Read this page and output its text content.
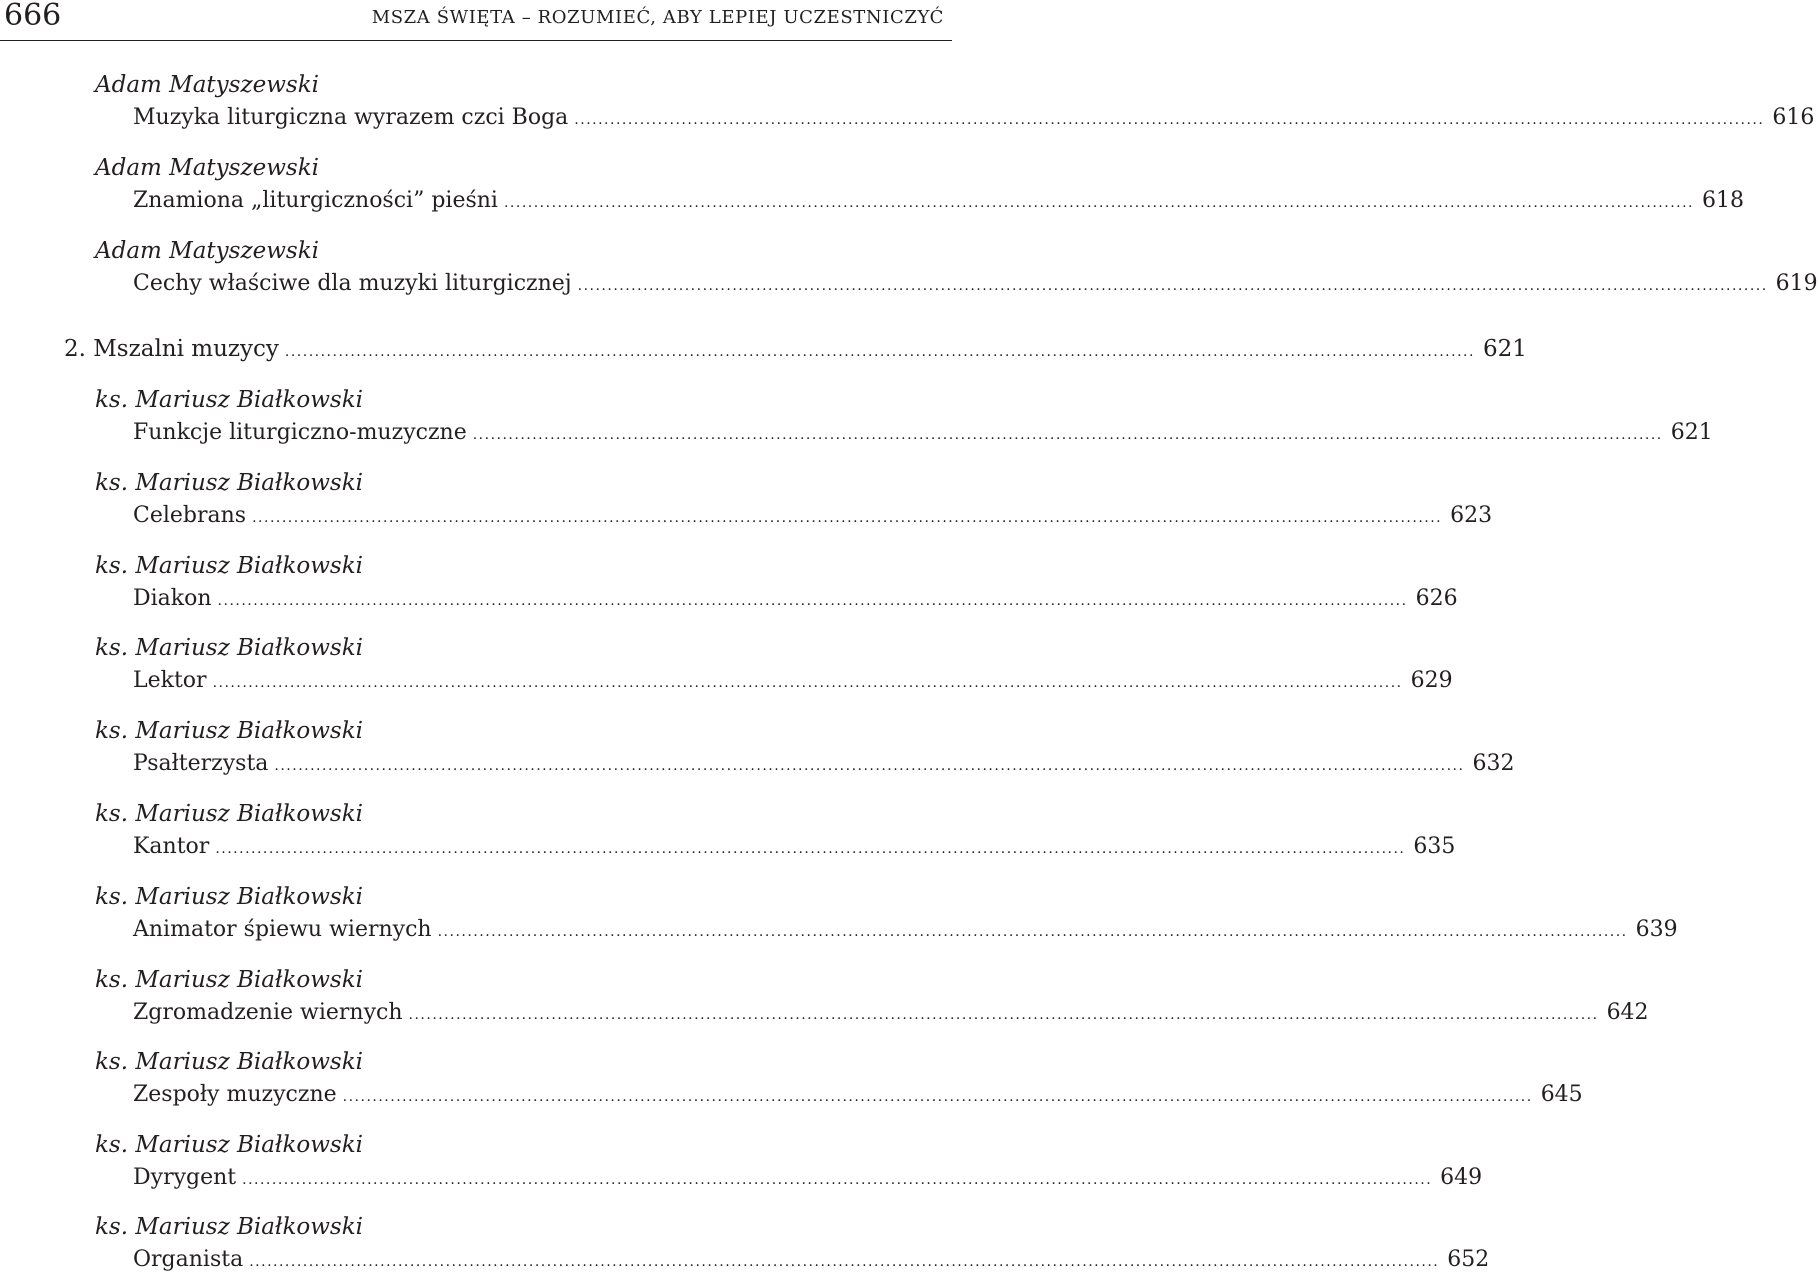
666	MSZA ŚWIĘTA – ROZUMIEĆ, ABY LEPIEJ UCZESTNICZYĆ
Adam Matyszewski
Muzyka liturgiczna wyrazem czci Boga ........................................................................................................................................................................................................ 616
Adam Matyszewski
Znamiona „liturgiczności” pieśni ........................................................................................................................................................................................................ 618
Adam Matyszewski
Cechy właściwe dla muzyki liturgicznej ........................................................................................................................................................................................................ 619
2. Mszalni muzycy ........................................................................................................................................................................................................ 621
ks. Mariusz Białkowski
Funkcje liturgiczno-muzyczne ........................................................................................................................................................................................................ 621
ks. Mariusz Białkowski
Celebrans ........................................................................................................................................................................................................ 623
ks. Mariusz Białkowski
Diakon ........................................................................................................................................................................................................ 626
ks. Mariusz Białkowski
Lektor ........................................................................................................................................................................................................ 629
ks. Mariusz Białkowski
Psałterzysta ........................................................................................................................................................................................................ 632
ks. Mariusz Białkowski
Kantor ........................................................................................................................................................................................................ 635
ks. Mariusz Białkowski
Animator śpiewu wiernych ........................................................................................................................................................................................................ 639
ks. Mariusz Białkowski
Zgromadzenie wiernych ........................................................................................................................................................................................................ 642
ks. Mariusz Białkowski
Zespoły muzyczne ........................................................................................................................................................................................................ 645
ks. Mariusz Białkowski
Dyrygent ........................................................................................................................................................................................................ 649
ks. Mariusz Białkowski
Organista ........................................................................................................................................................................................................ 652
